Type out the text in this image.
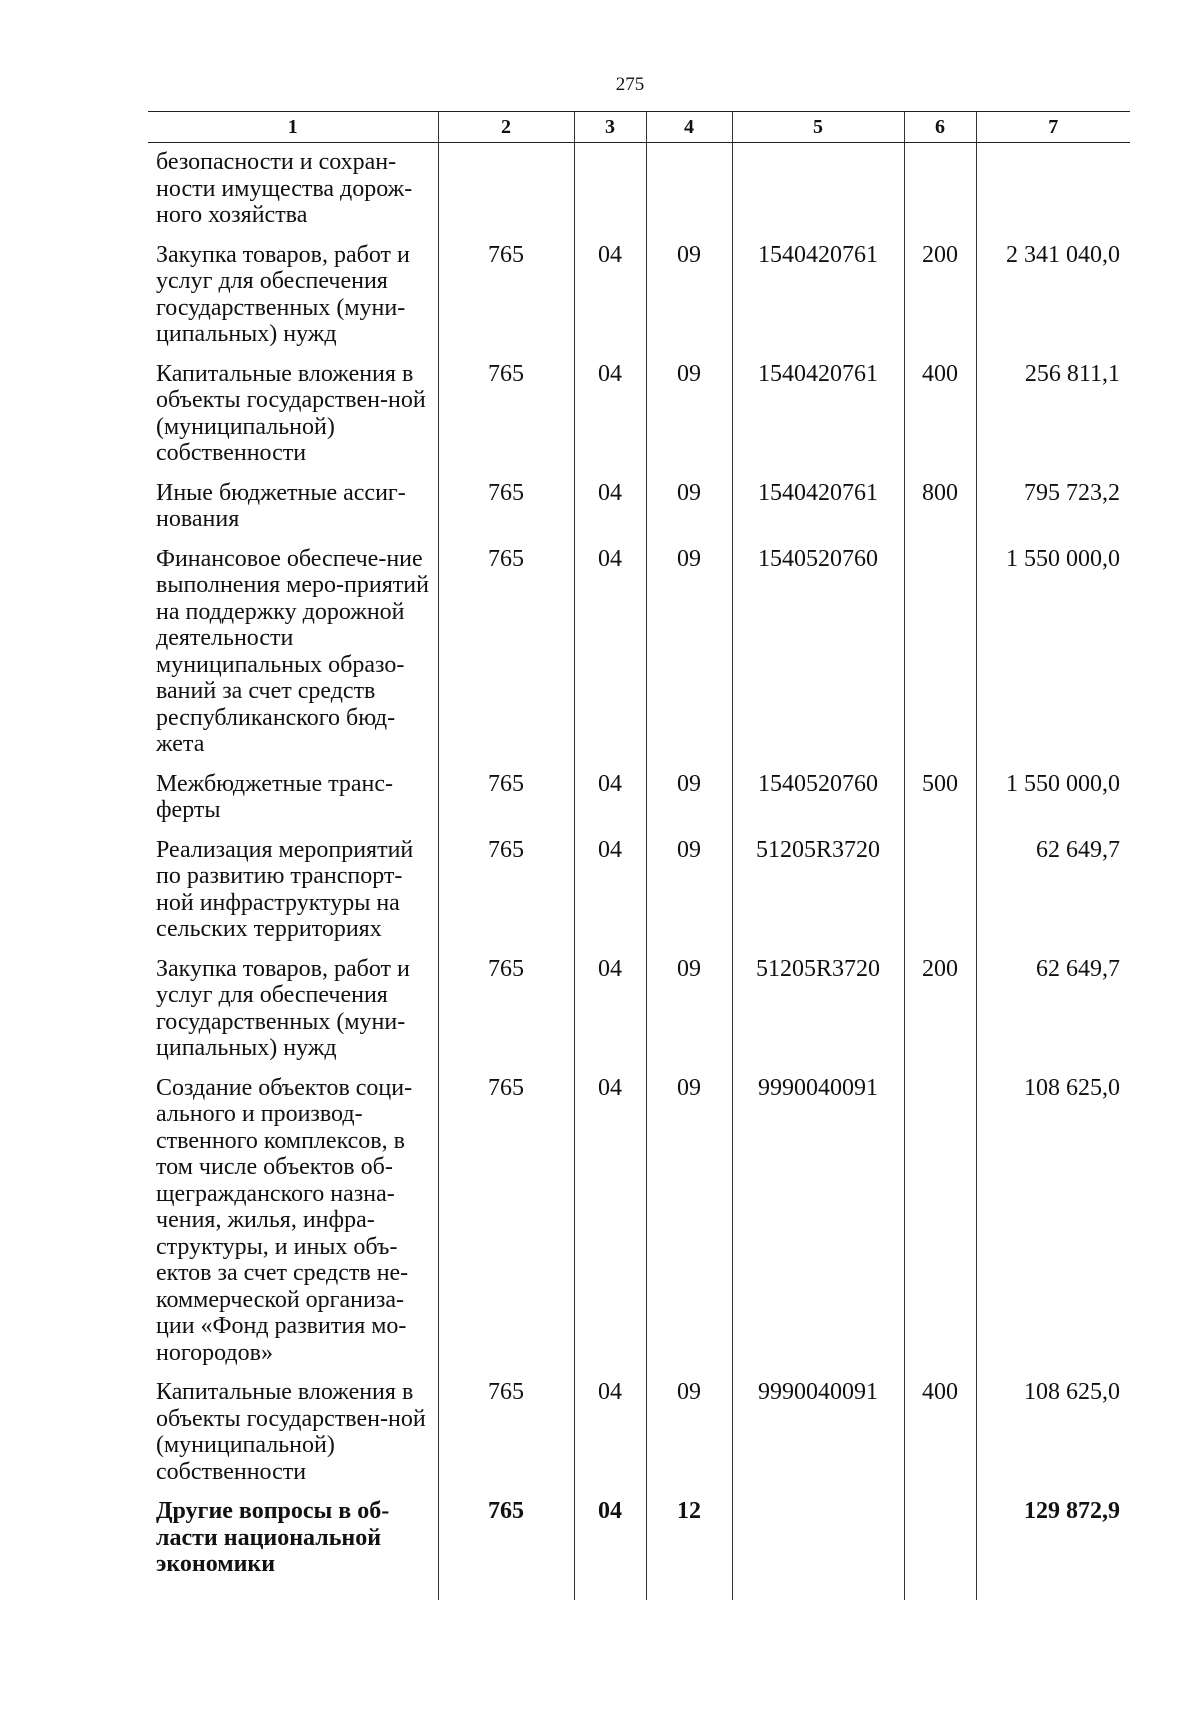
275
1	2	3	4	5	6	7
безопасности и сохран-ности имущества дорож-ного хозяйства						
Закупка товаров, работ и услуг для обеспечения государственных (муни-ципальных) нужд	765	04	09	1540420761	200	2 341 040,0
Капитальные вложения в объекты государствен-ной (муниципальной) собственности	765	04	09	1540420761	400	256 811,1
Иные бюджетные ассиг-нования	765	04	09	1540420761	800	795 723,2
Финансовое обеспече-ние выполнения меро-приятий на поддержку дорожной деятельности муниципальных образо-ваний за счет средств республиканского бюд-жета	765	04	09	1540520760		1 550 000,0
Межбюджетные транс-ферты	765	04	09	1540520760	500	1 550 000,0
Реализация мероприятий по развитию транспорт-ной инфраструктуры на сельских территориях	765	04	09	51205R3720		62 649,7
Закупка товаров, работ и услуг для обеспечения государственных (муни-ципальных) нужд	765	04	09	51205R3720	200	62 649,7
Создание объектов соци-ального и производ-ственного комплексов, в том числе объектов об-щегражданского назна-чения, жилья, инфра-структуры, и иных объ-ектов за счет средств не-коммерческой организа-ции «Фонд развития мо-ногородов»	765	04	09	9990040091		108 625,0
Капитальные вложения в объекты государствен-ной (муниципальной) собственности	765	04	09	9990040091	400	108 625,0
Другие вопросы в об-ласти национальной экономики	765	04	12			129 872,9
